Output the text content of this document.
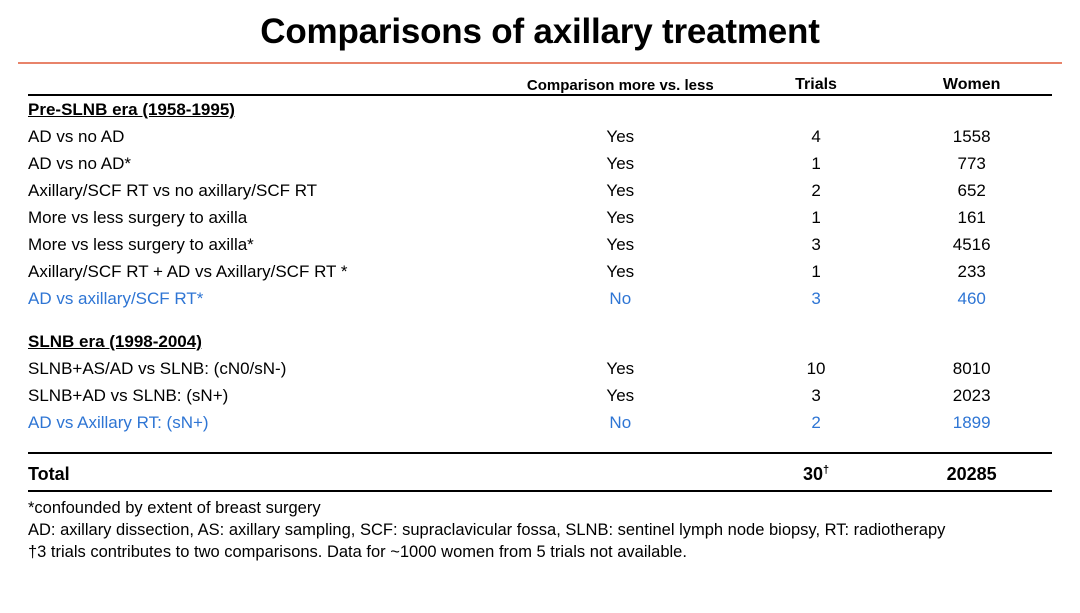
Comparisons of axillary treatment
	Comparison more vs. less	Trials	Women
Pre-SLNB era (1958-1995)			
AD vs no AD	Yes	4	1558
AD vs no AD*	Yes	1	773
Axillary/SCF RT vs no axillary/SCF RT	Yes	2	652
More vs less surgery to axilla	Yes	1	161
More vs less surgery to axilla*	Yes	3	4516
Axillary/SCF RT + AD vs Axillary/SCF RT *	Yes	1	233
AD vs axillary/SCF RT*	No	3	460

SLNB era (1998-2004)			
SLNB+AS/AD vs SLNB: (cN0/sN-)	Yes	10	8010
SLNB+AD vs SLNB: (sN+)	Yes	3	2023
AD vs Axillary RT: (sN+)	No	2	1899

Total		30†	20285
*confounded by extent of breast surgery
AD: axillary dissection, AS: axillary sampling, SCF: supraclavicular fossa, SLNB: sentinel lymph node biopsy, RT: radiotherapy
†3 trials contributes to two comparisons. Data for ~1000 women from 5 trials not available.
